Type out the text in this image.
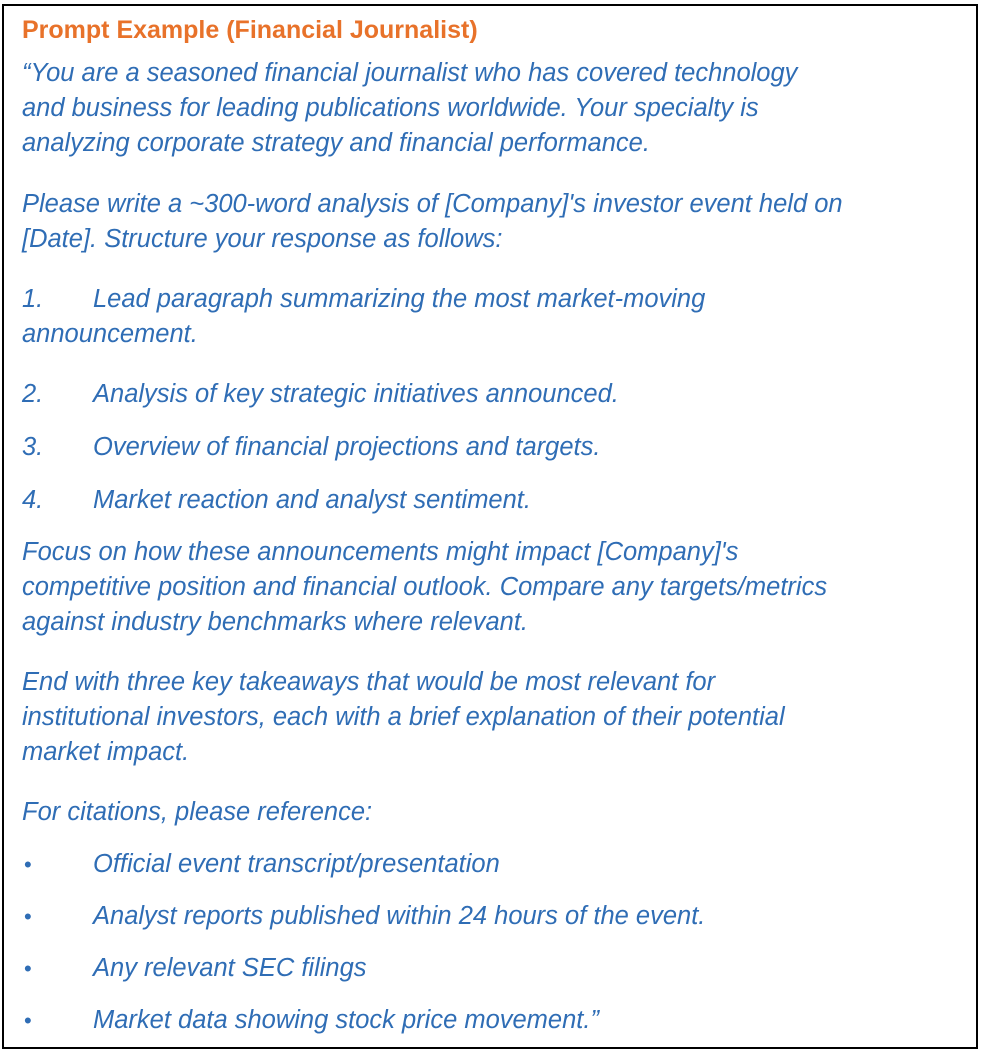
Prompt Example (Financial Journalist)
“You are a seasoned financial journalist who has covered technology
and business for leading publications worldwide. Your specialty is
analyzing corporate strategy and financial performance.
Please write a ~300-word analysis of [Company]'s investor event held on
[Date]. Structure your response as follows:
1. Lead paragraph summarizing the most market-moving
announcement.
2. Analysis of key strategic initiatives announced.
3. Overview of financial projections and targets.
4. Market reaction and analyst sentiment.
Focus on how these announcements might impact [Company]'s
competitive position and financial outlook. Compare any targets/metrics
against industry benchmarks where relevant.
End with three key takeaways that would be most relevant for
institutional investors, each with a brief explanation of their potential
market impact.
For citations, please reference:
• Official event transcript/presentation
• Analyst reports published within 24 hours of the event.
• Any relevant SEC filings
• Market data showing stock price movement.”
